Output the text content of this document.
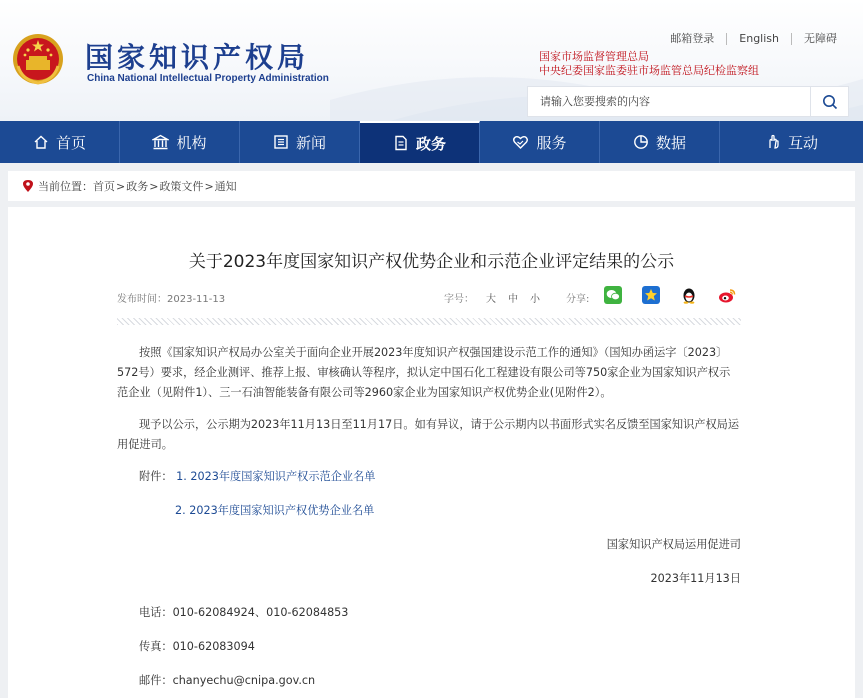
国家知识产权局
China National Intellectual Property Administration
邮箱登录	English	无障碍
国家市场监督管理总局
中央纪委国家监委驻市场监管总局纪检监察组
请输入您要搜索的内容
首页	机构	新闻	政务	服务	数据	互动
当前位置： 首页 > 政务 > 政策文件 > 通知
关于2023年度国家知识产权优势企业和示范企业评定结果的公示
发布时间：2023-11-13	字号： 大 中 小	分享:

按照《国家知识产权局办公室关于面向企业开展2023年度知识产权强国建设示范工作的通知》（国知办函运字〔2023〕572号）要求，经企业测评、推荐上报、审核确认等程序，拟认定中国石化工程建设有限公司等750家企业为国家知识产权示范企业（见附件1）、三一石油智能装备有限公司等2960家企业为国家知识产权优势企业(见附件2）。

现予以公示，公示期为2023年11月13日至11月17日。如有异议，请于公示期内以书面形式实名反馈至国家知识产权局运用促进司。

附件： 1. 2023年度国家知识产权示范企业名单
2. 2023年度国家知识产权优势企业名单
国家知识产权局运用促进司
2023年11月13日
电话：010-62084924、010-62084853
传真：010-62083094
邮件：chanyechu@cnipa.gov.cn
